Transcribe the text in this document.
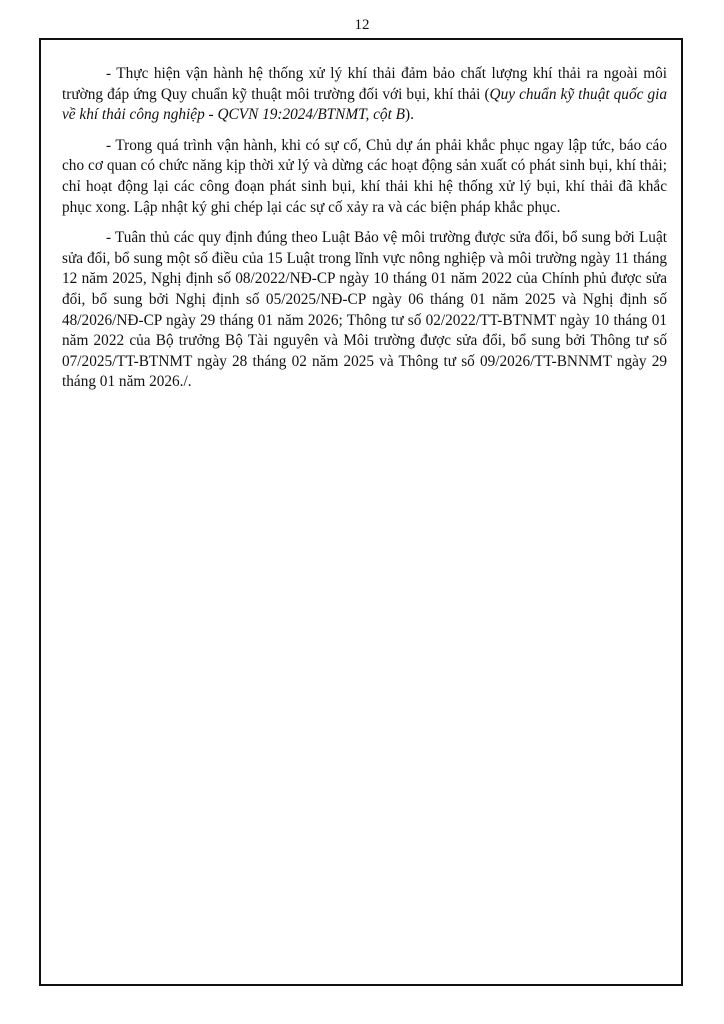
12

- Thực hiện vận hành hệ thống xử lý khí thải đảm bảo chất lượng khí thải ra ngoài môi trường đáp ứng Quy chuẩn kỹ thuật môi trường đối với bụi, khí thải (Quy chuẩn kỹ thuật quốc gia về khí thải công nghiệp - QCVN 19:2024/BTNMT, cột B).

- Trong quá trình vận hành, khi có sự cố, Chủ dự án phải khắc phục ngay lập tức, báo cáo cho cơ quan có chức năng kịp thời xử lý và dừng các hoạt động sản xuất có phát sinh bụi, khí thải; chỉ hoạt động lại các công đoạn phát sinh bụi, khí thải khi hệ thống xử lý bụi, khí thải đã khắc phục xong. Lập nhật ký ghi chép lại các sự cố xảy ra và các biện pháp khắc phục.

- Tuân thủ các quy định đúng theo Luật Bảo vệ môi trường được sửa đổi, bổ sung bởi Luật sửa đổi, bổ sung một số điều của 15 Luật trong lĩnh vực nông nghiệp và môi trường ngày 11 tháng 12 năm 2025, Nghị định số 08/2022/NĐ-CP ngày 10 tháng 01 năm 2022 của Chính phủ được sửa đổi, bổ sung bởi Nghị định số 05/2025/NĐ-CP ngày 06 tháng 01 năm 2025 và Nghị định số 48/2026/NĐ-CP ngày 29 tháng 01 năm 2026; Thông tư số 02/2022/TT-BTNMT ngày 10 tháng 01 năm 2022 của Bộ trưởng Bộ Tài nguyên và Môi trường được sửa đổi, bổ sung bởi Thông tư số 07/2025/TT-BTNMT ngày 28 tháng 02 năm 2025 và Thông tư số 09/2026/TT-BNNMT ngày 29 tháng 01 năm 2026./.
